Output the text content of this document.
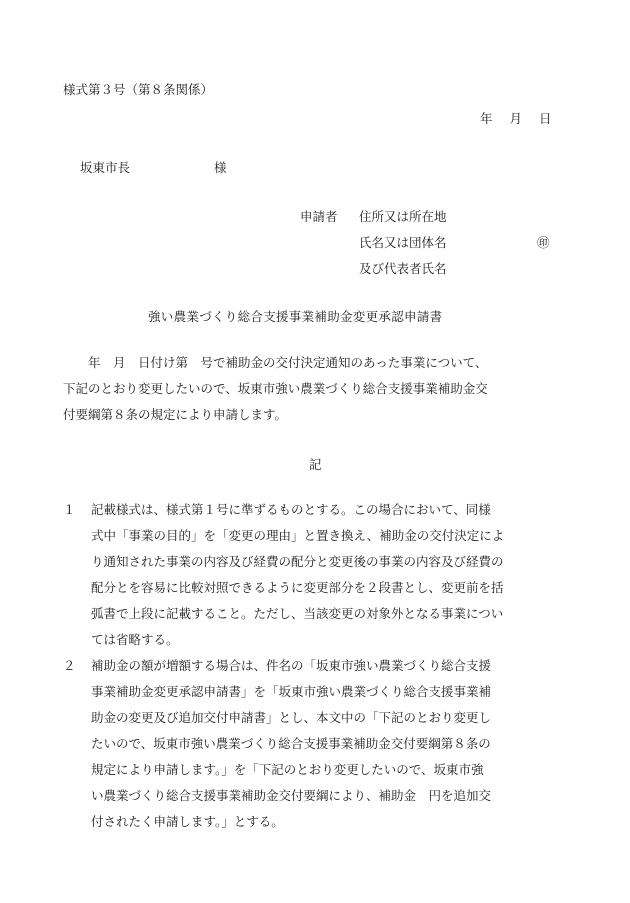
様式第３号（第８条関係）
年 月 日
坂東市長	様
申請者 住所又は所在地
氏名又は団体名	㊞
及び代表者氏名
強い農業づくり総合支援事業補助金変更承認申請書
　　年　月　日付け第　号で補助金の交付決定通知のあった事業について、
下記のとおり変更したいので、坂東市強い農業づくり総合支援事業補助金交
付要綱第８条の規定により申請します。
記
１	記載様式は、様式第１号に準ずるものとする。この場合において、同様
式中「事業の目的」を「変更の理由」と置き換え、補助金の交付決定によ
り通知された事業の内容及び経費の配分と変更後の事業の内容及び経費の
配分とを容易に比較対照できるように変更部分を２段書とし、変更前を括
弧書で上段に記載すること。ただし、当該変更の対象外となる事業につい
ては省略する。
２	補助金の額が増額する場合は、件名の「坂東市強い農業づくり総合支援
事業補助金変更承認申請書」を「坂東市強い農業づくり総合支援事業補
助金の変更及び追加交付申請書」とし、本文中の「下記のとおり変更し
たいので、坂東市強い農業づくり総合支援事業補助金交付要綱第８条の
規定により申請します。」を「下記のとおり変更したいので、坂東市強
い農業づくり総合支援事業補助金交付要綱により、補助金　円を追加交
付されたく申請します。」とする。
